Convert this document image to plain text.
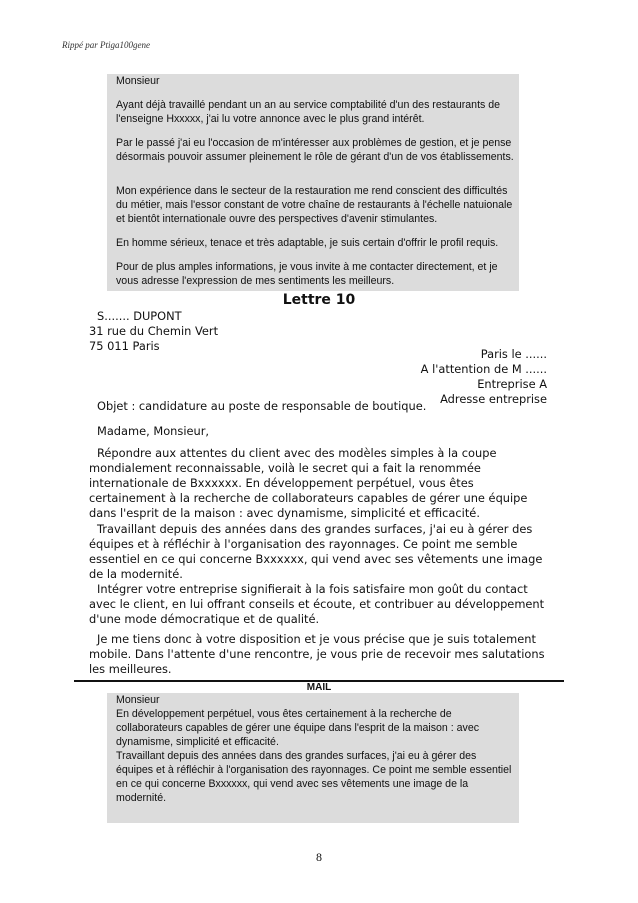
Rippé par Ptiga100gene

Monsieur

Ayant déjà travaillé pendant un an au service comptabilité d'un des restaurants de
l'enseigne Hxxxxx, j'ai lu votre annonce avec le plus grand intérêt.

Par le passé j'ai eu l'occasion de m'intéresser aux problèmes de gestion, et je pense
désormais pouvoir assumer pleinement le rôle de gérant d'un de vos établissements.

Mon expérience dans le secteur de la restauration me rend conscient des difficultés
du métier, mais l'essor constant de votre chaîne de restaurants à l'échelle natuionale
et bientôt internationale ouvre des perspectives d'avenir stimulantes.

En homme sérieux, tenace et très adaptable, je suis certain d'offrir le profil requis.

Pour de plus amples informations, je vous invite à me contacter directement, et je
vous adresse l'expression de mes sentiments les meilleurs.

Lettre 10
S....... DUPONT
31 rue du Chemin Vert
75 011 Paris
Paris le ......
A l'attention de M ......
Entreprise A
Adresse entreprise

Objet : candidature au poste de responsable de boutique.

Madame, Monsieur,

Répondre aux attentes du client avec des modèles simples à la coupe mondialement reconnaissable, voilà le secret qui a fait la renommée internationale de Bxxxxxx. En développement perpétuel, vous êtes certainement à la recherche de collaborateurs capables de gérer une équipe dans l'esprit de la maison : avec dynamisme, simplicité et efficacité.

Travaillant depuis des années dans des grandes surfaces, j'ai eu à gérer des équipes et à réfléchir à l'organisation des rayonnages. Ce point me semble essentiel en ce qui concerne Bxxxxxx, qui vend avec ses vêtements une image de la modernité.

Intégrer votre entreprise signifierait à la fois satisfaire mon goût du contact avec le client, en lui offrant conseils et écoute, et contribuer au développement d'une mode démocratique et de qualité.

Je me tiens donc à votre disposition et je vous précise que je suis totalement mobile. Dans l'attente d'une rencontre, je vous prie de recevoir mes salutations les meilleures.

MAIL

Monsieur

En développement perpétuel, vous êtes certainement à la recherche de
collaborateurs capables de gérer une équipe dans l'esprit de la maison : avec
dynamisme, simplicité et efficacité.

Travaillant depuis des années dans des grandes surfaces, j'ai eu à gérer des
équipes et à réfléchir à l'organisation des rayonnages. Ce point me semble essentiel
en ce qui concerne Bxxxxxx, qui vend avec ses vêtements une image de la
modernité.

8
